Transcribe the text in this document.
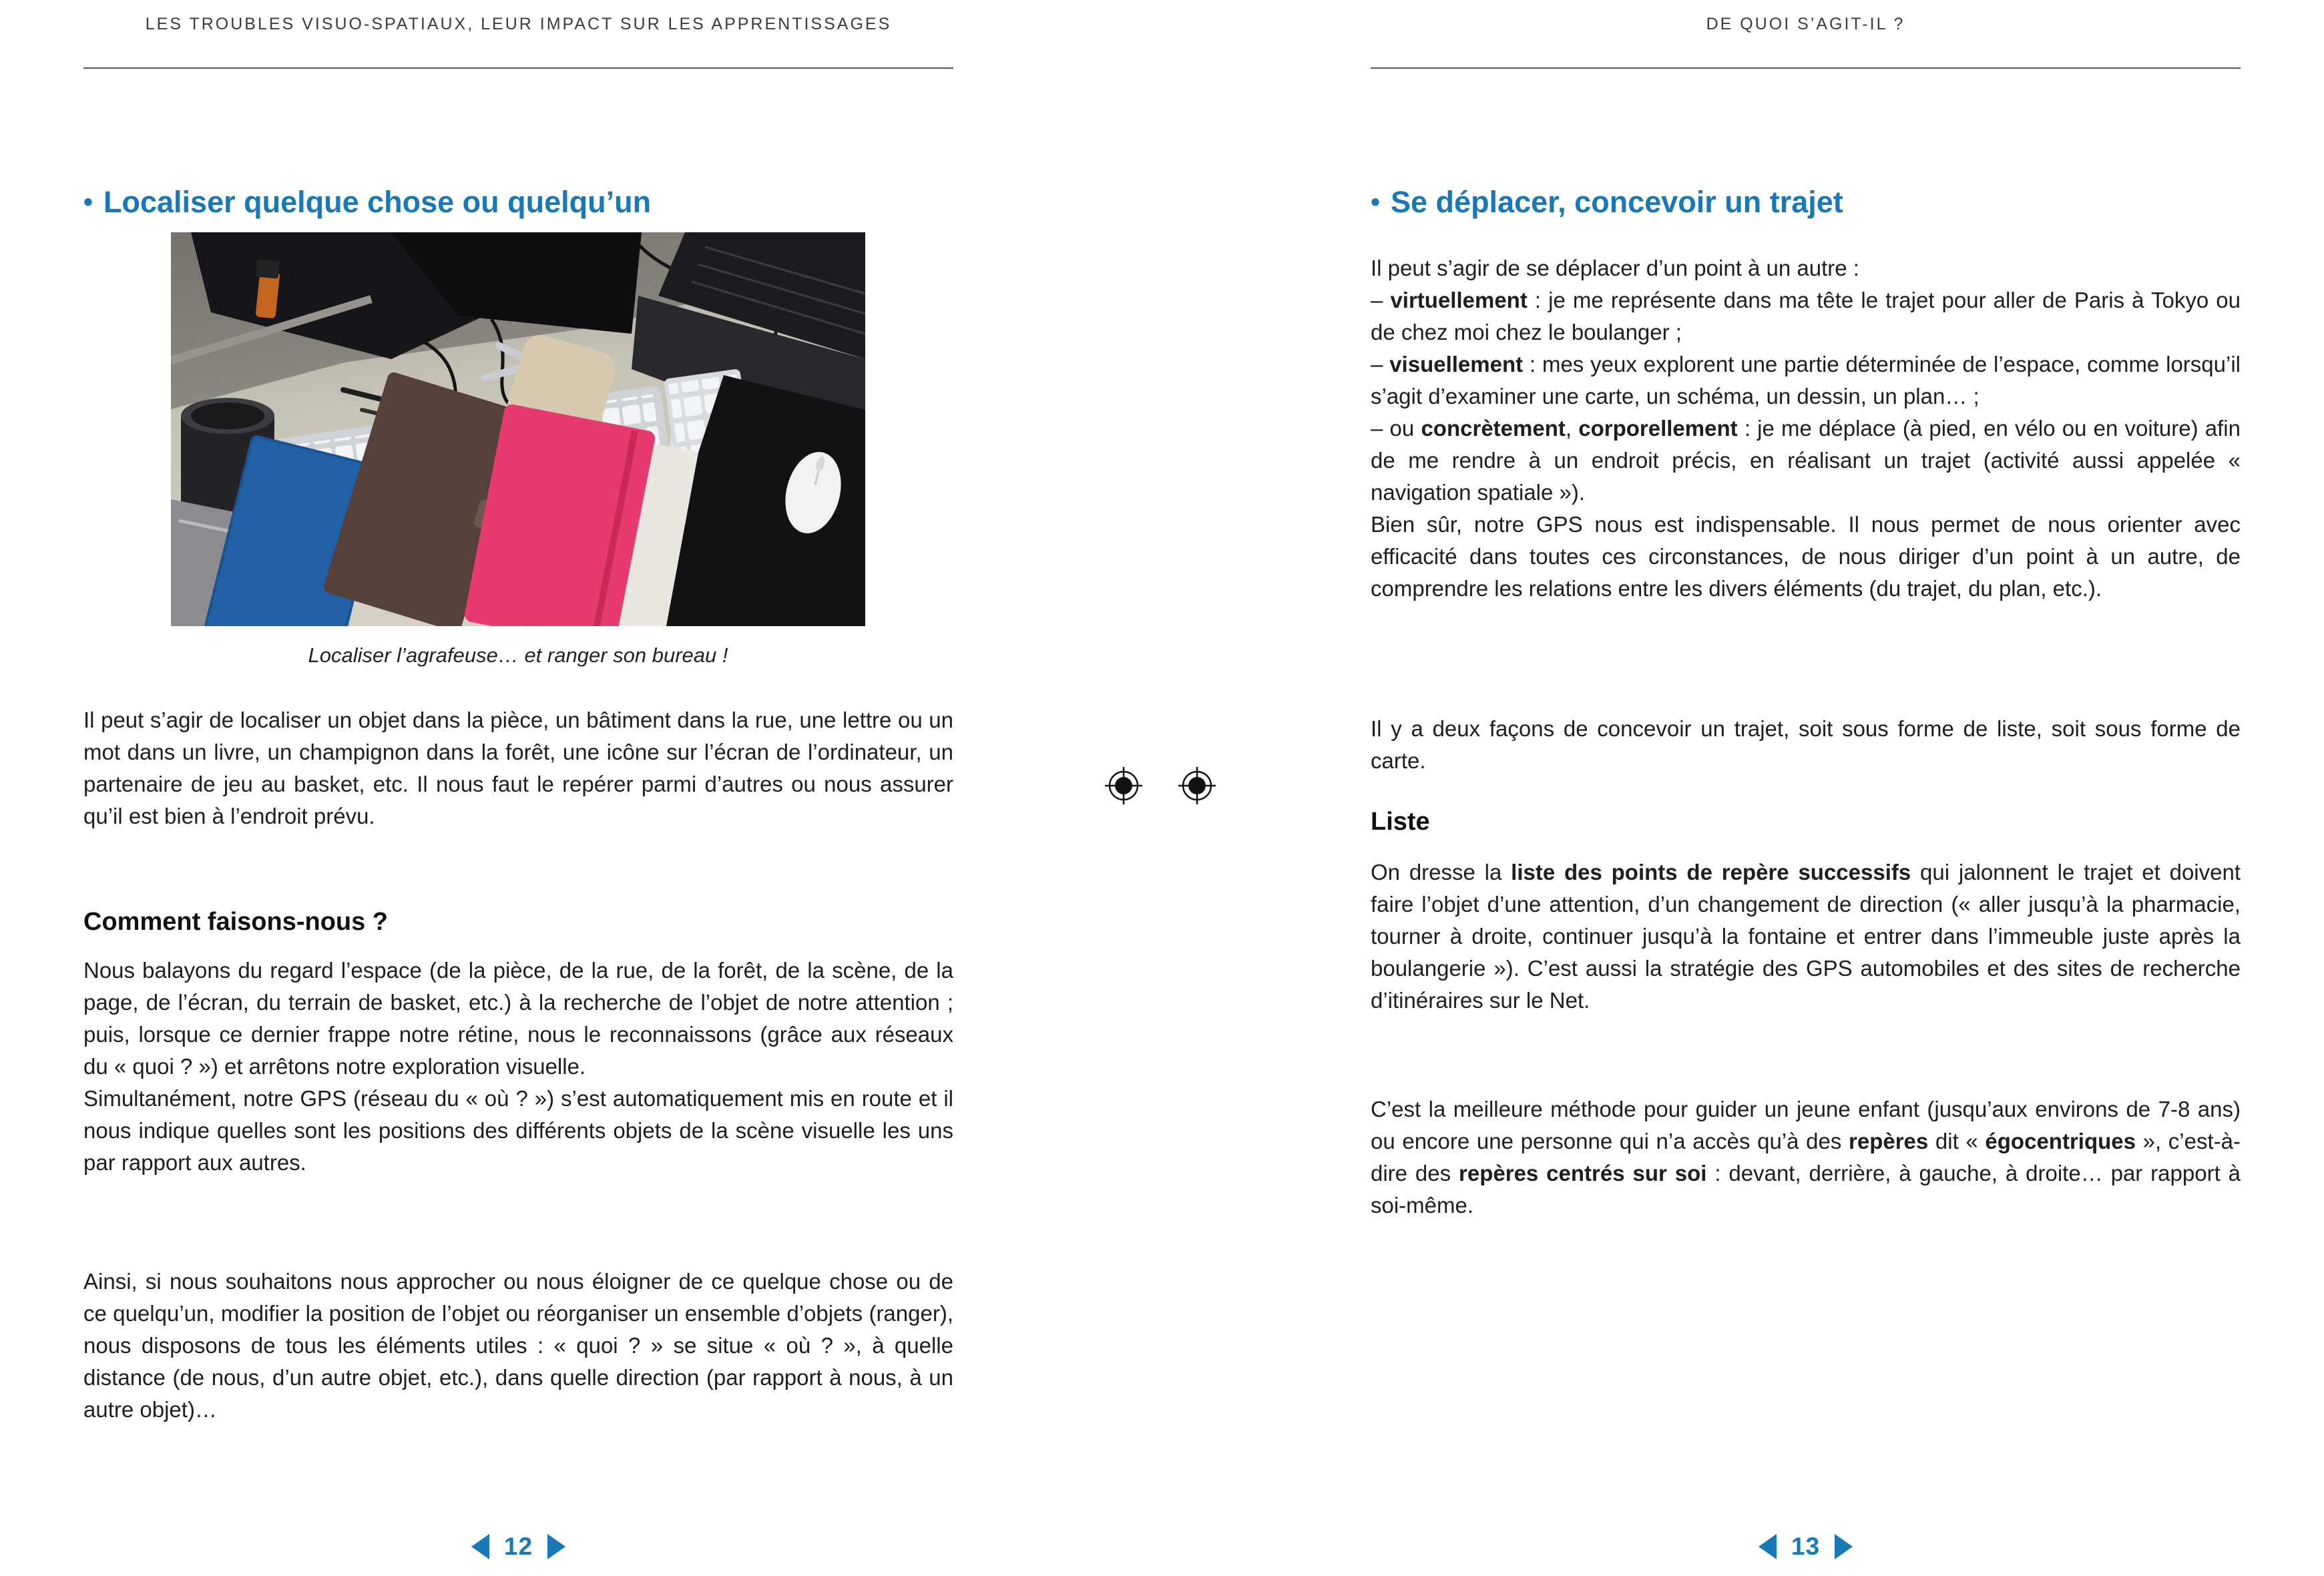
LES TROUBLES VISUO-SPATIAUX, LEUR IMPACT SUR LES APPRENTISSAGES	DE QUOI S’AGIT-IL ?
• Localiser quelque chose ou quelqu’un
Localiser l’agrafeuse… et ranger son bureau !

Il peut s’agir de localiser un objet dans la pièce, un bâtiment dans la rue, une lettre ou un mot dans un livre, un champignon dans la forêt, une icône sur l’écran de l’ordinateur, un partenaire de jeu au basket, etc. Il nous faut le repérer parmi d’autres ou nous assurer qu’il est bien à l’endroit prévu.

Comment faisons-nous ?

Nous balayons du regard l’espace (de la pièce, de la rue, de la forêt, de la scène, de la page, de l’écran, du terrain de basket, etc.) à la recherche de l’objet de notre attention ; puis, lorsque ce dernier frappe notre rétine, nous le reconnaissons (grâce aux réseaux du « quoi ? ») et arrêtons notre exploration visuelle.

Simultanément, notre GPS (réseau du « où ? ») s’est automatiquement mis en route et il nous indique quelles sont les positions des différents objets de la scène visuelle les uns par rapport aux autres.

Ainsi, si nous souhaitons nous approcher ou nous éloigner de ce quelque chose ou de ce quelqu’un, modifier la position de l’objet ou réorganiser un ensemble d’objets (ranger), nous disposons de tous les éléments utiles : « quoi ? » se situe « où ? », à quelle distance (de nous, d’un autre objet, etc.), dans quelle direction (par rapport à nous, à un autre objet)…

12
• Se déplacer, concevoir un trajet

Il peut s’agir de se déplacer d’un point à un autre :

– virtuellement : je me représente dans ma tête le trajet pour aller de Paris à Tokyo ou de chez moi chez le boulanger ;

– visuellement : mes yeux explorent une partie déterminée de l’espace, comme lorsqu’il s’agit d’examiner une carte, un schéma, un dessin, un plan… ;

– ou concrètement, corporellement : je me déplace (à pied, en vélo ou en voiture) afin de me rendre à un endroit précis, en réalisant un trajet (activité aussi appelée « navigation spatiale »).

Bien sûr, notre GPS nous est indispensable. Il nous permet de nous orienter avec efficacité dans toutes ces circonstances, de nous diriger d’un point à un autre, de comprendre les relations entre les divers éléments (du trajet, du plan, etc.).

Il y a deux façons de concevoir un trajet, soit sous forme de liste, soit sous forme de carte.

Liste

On dresse la liste des points de repère successifs qui jalonnent le trajet et doivent faire l’objet d’une attention, d’un changement de direction (« aller jusqu’à la pharmacie, tourner à droite, continuer jusqu’à la fontaine et entrer dans l’immeuble juste après la boulangerie »). C’est aussi la stratégie des GPS automobiles et des sites de recherche d’itinéraires sur le Net.

C’est la meilleure méthode pour guider un jeune enfant (jusqu’aux environs de 7-8 ans) ou encore une personne qui n’a accès qu’à des repères dit « égocentriques », c’est-à-dire des repères centrés sur soi : devant, derrière, à gauche, à droite… par rapport à soi-même.

13
